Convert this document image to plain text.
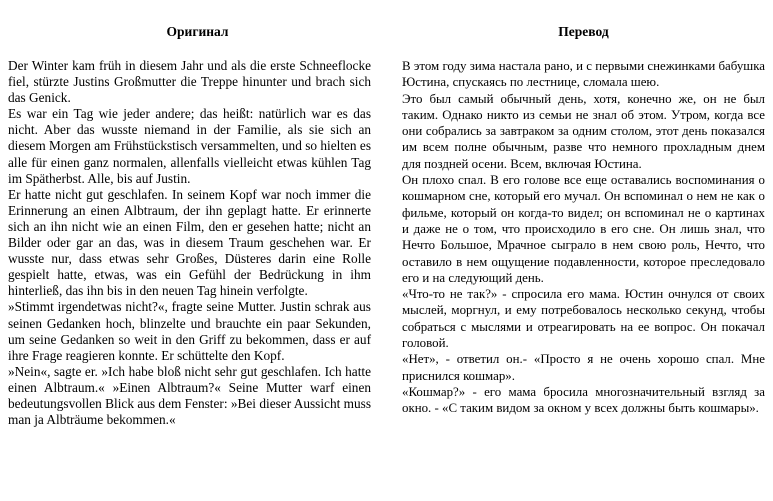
Oригинал

Der Winter kam früh in diesem Jahr und als die erste Schneeflocke fiel, stürzte Justins Großmutter die Treppe hinunter und brach sich das Genick.

Es war ein Tag wie jeder andere; das heißt: natürlich war es das nicht. Aber das wusste niemand in der Familie, als sie sich an diesem Morgen am Frühstückstisch versammelten, und so hielten es alle für einen ganz normalen, allenfalls vielleicht etwas kühlen Tag im Spätherbst. Alle, bis auf Justin.

Er hatte nicht gut geschlafen. In seinem Kopf war noch immer die Erinnerung an einen Albtraum, der ihn geplagt hatte. Er erinnerte sich an ihn nicht wie an einen Film, den er gesehen hatte; nicht an Bilder oder gar an das, was in diesem Traum geschehen war. Er wusste nur, dass etwas sehr Großes, Düsteres darin eine Rolle gespielt hatte, etwas, was ein Gefühl der Bedrückung in ihm hinterließ, das ihn bis in den neuen Tag hinein verfolgte.

»Stimmt irgendetwas nicht?«, fragte seine Mutter. Justin schrak aus seinen Gedanken hoch, blinzelte und brauchte ein paar Sekunden, um seine Gedanken so weit in den Griff zu bekommen, dass er auf ihre Frage reagieren konnte. Er schüttelte den Kopf.

»Nein«, sagte er. »Ich habe bloß nicht sehr gut geschlafen. Ich hatte einen Albtraum.« »Einen Albtraum?« Seine Mutter warf einen bedeutungsvollen Blick aus dem Fenster: »Bei dieser Aussicht muss man ja Albträume bekommen.«

Перевод

В этом году зима настала рано, и с первыми снежинками бабушка Юстина, спускаясь по лестнице, сломала шею.

Это был самый обычный день, хотя, конечно же, он не был таким. Однако никто из семьи не знал об этом. Утром, когда все они собрались за завтраком за одним столом, этот день показался им всем полне обычным, разве что немного прохладным днем для поздней осени. Всем, включая Юстина.

Он плохо спал. В его голове все еще оставались воспоминания о кошмарном сне, который его мучал. Он вспоминал о нем не как о фильме, который он когда-то видел; он вспоминал не о картинах и даже не о том, что происходило в его сне. Он лишь знал, что Нечто Большое, Мрачное сыграло в нем свою роль, Нечто, что оставило в нем ощущение подавленности, которое преследовало его и на следующий день.

«Что-то не так?» - спросила его мама. Юстин очнулся от своих мыслей, моргнул, и ему потребовалось несколько секунд, чтобы собраться с мыслями и отреагировать на ее вопрос. Он покачал головой.

«Нет», - ответил он.- «Просто я не очень хорошо спал. Мне приснился кошмар».

«Кошмар?» - его мама бросила многозначительный взгляд за окно. - «С таким видом за окном у всех должны быть кошмары».
